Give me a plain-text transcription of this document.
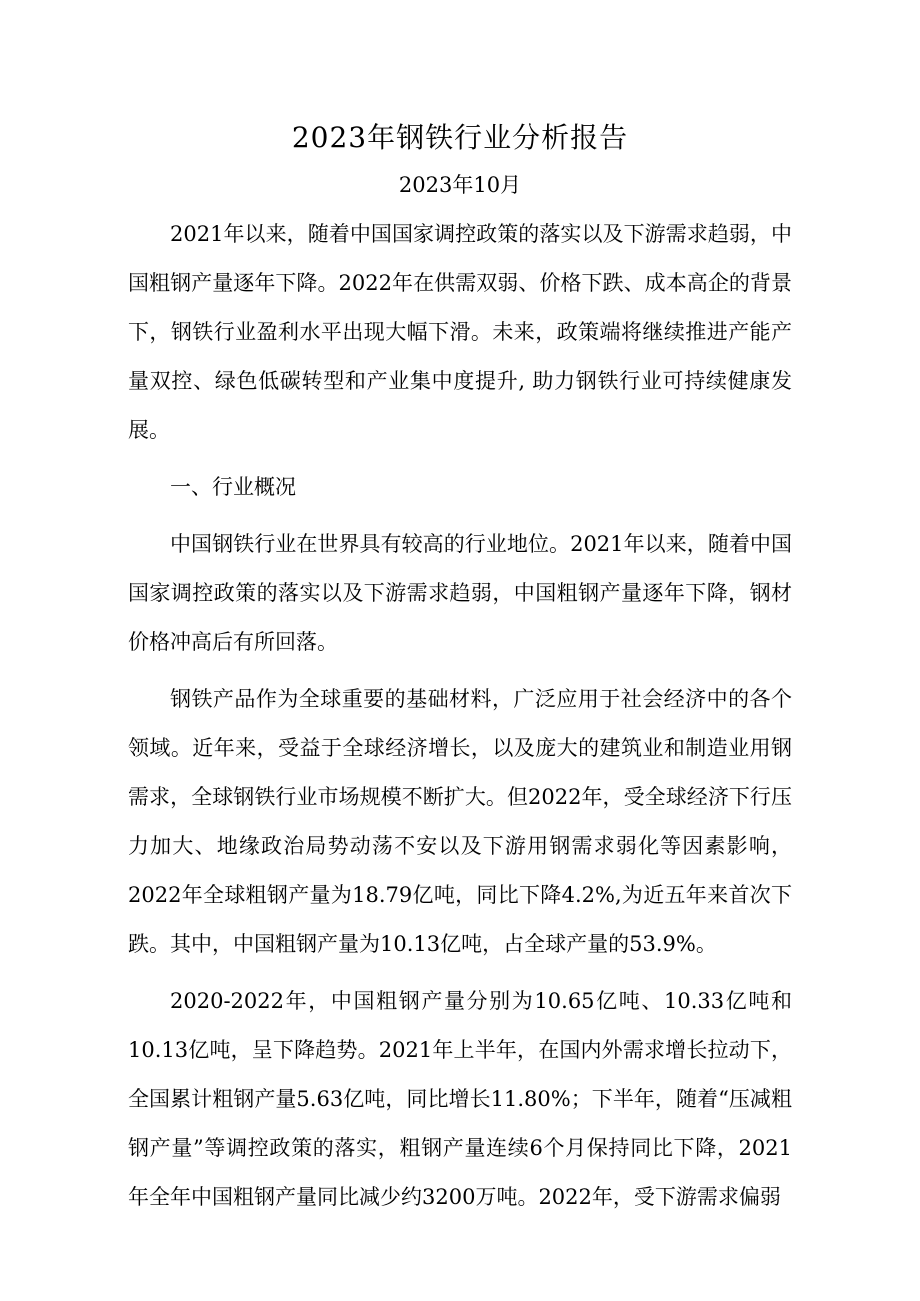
2023年钢铁行业分析报告
2023年10月

2021年以来，随着中国国家调控政策的落实以及下游需求趋弱，中国粗钢产量逐年下降。2022年在供需双弱、价格下跌、成本高企的背景下，钢铁行业盈利水平出现大幅下滑。未来，政策端将继续推进产能产量双控、绿色低碳转型和产业集中度提升, 助力钢铁行业可持续健康发展。

一、行业概况

中国钢铁行业在世界具有较高的行业地位。2021年以来，随着中国国家调控政策的落实以及下游需求趋弱，中国粗钢产量逐年下降，钢材价格冲高后有所回落。

钢铁产品作为全球重要的基础材料，广泛应用于社会经济中的各个领域。近年来，受益于全球经济增长，以及庞大的建筑业和制造业用钢需求，全球钢铁行业市场规模不断扩大。但2022年，受全球经济下行压力加大、地缘政治局势动荡不安以及下游用钢需求弱化等因素影响，2022年全球粗钢产量为18.79亿吨，同比下降4.2%,为近五年来首次下跌。其中，中国粗钢产量为10.13亿吨，占全球产量的53.9%。

2020-2022年，中国粗钢产量分别为10.65亿吨、10.33亿吨和10.13亿吨，呈下降趋势。2021年上半年，在国内外需求增长拉动下，全国累计粗钢产量5.63亿吨，同比增长11.80%；下半年，随着“压减粗钢产量”等调控政策的落实，粗钢产量连续6个月保持同比下降，2021年全年中国粗钢产量同比减少约3200万吨。2022年，受下游需求偏弱
